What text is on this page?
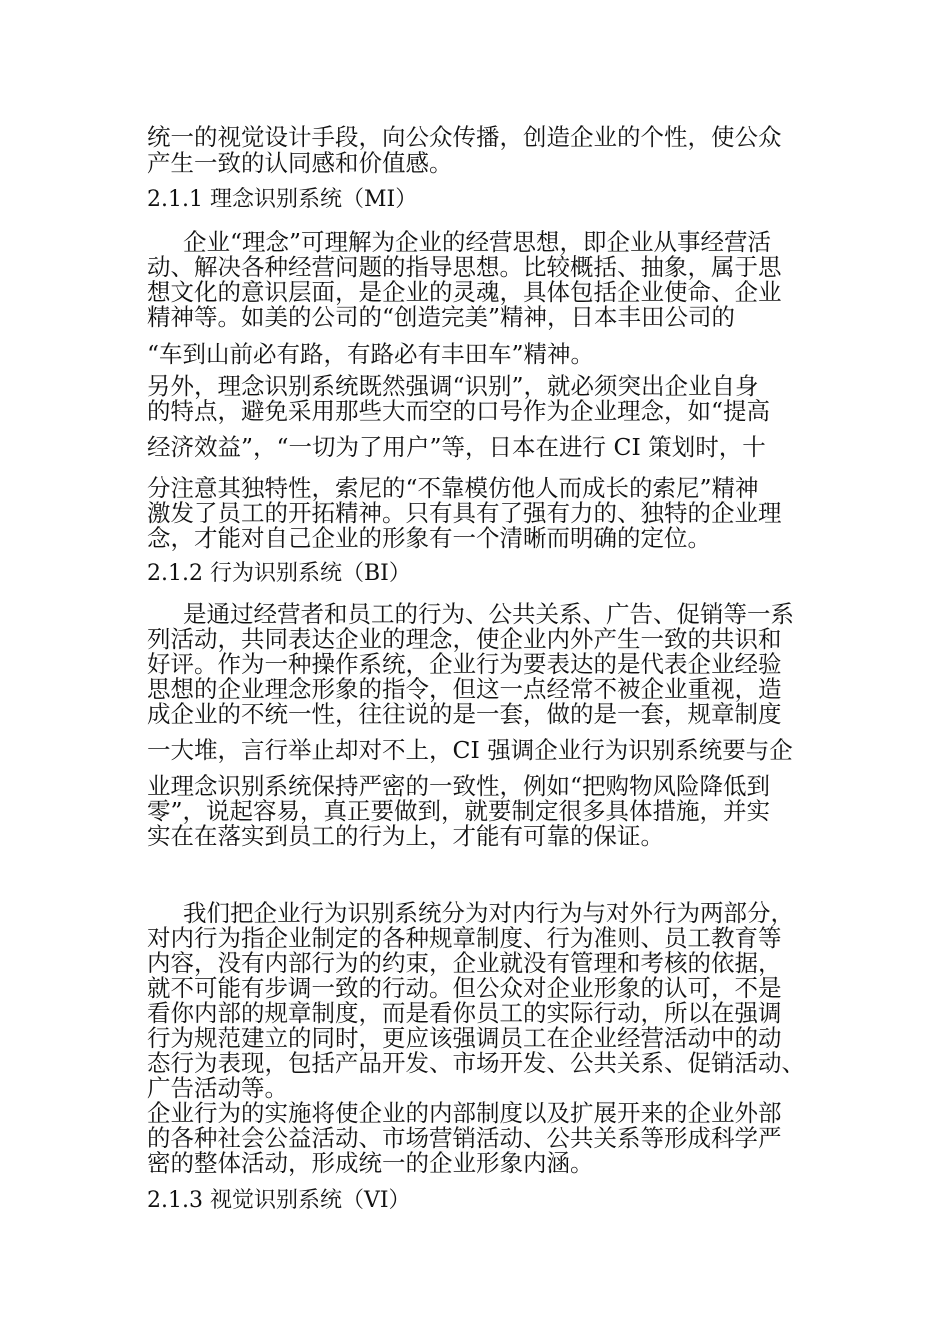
统一的视觉设计手段，向公众传播，创造企业的个性，使公众
产生一致的认同感和价值感。
2.1.1 理念识别系统（MI）
企业“理念”可理解为企业的经营思想，即企业从事经营活
动、解决各种经营问题的指导思想。比较概括、抽象，属于思
想文化的意识层面，是企业的灵魂，具体包括企业使命、企业
精神等。如美的公司的“创造完美”精神，日本丰田公司的
“车到山前必有路，有路必有丰田车”精神。
另外，理念识别系统既然强调“识别”，就必须突出企业自身
的特点，避免采用那些大而空的口号作为企业理念，如“提高
经济效益”，“一切为了用户”等，日本在进行 CI 策划时，十
分注意其独特性，索尼的“不靠模仿他人而成长的索尼”精神
激发了员工的开拓精神。只有具有了强有力的、独特的企业理
念，才能对自己企业的形象有一个清晰而明确的定位。
2.1.2 行为识别系统（BI）
是通过经营者和员工的行为、公共关系、广告、促销等一系
列活动，共同表达企业的理念，使企业内外产生一致的共识和
好评。作为一种操作系统，企业行为要表达的是代表企业经验
思想的企业理念形象的指令，但这一点经常不被企业重视，造
成企业的不统一性，往往说的是一套，做的是一套，规章制度
一大堆，言行举止却对不上，CI 强调企业行为识别系统要与企
业理念识别系统保持严密的一致性，例如“把购物风险降低到
零”，说起容易，真正要做到，就要制定很多具体措施，并实
实在在落实到员工的行为上，才能有可靠的保证。
我们把企业行为识别系统分为对内行为与对外行为两部分，
对内行为指企业制定的各种规章制度、行为准则、员工教育等
内容，没有内部行为的约束，企业就没有管理和考核的依据，
就不可能有步调一致的行动。但公众对企业形象的认可，不是
看你内部的规章制度，而是看你员工的实际行动，所以在强调
行为规范建立的同时，更应该强调员工在企业经营活动中的动
态行为表现，包括产品开发、市场开发、公共关系、促销活动、
广告活动等。
企业行为的实施将使企业的内部制度以及扩展开来的企业外部
的各种社会公益活动、市场营销活动、公共关系等形成科学严
密的整体活动，形成统一的企业形象内涵。
2.1.3 视觉识别系统（VI）
